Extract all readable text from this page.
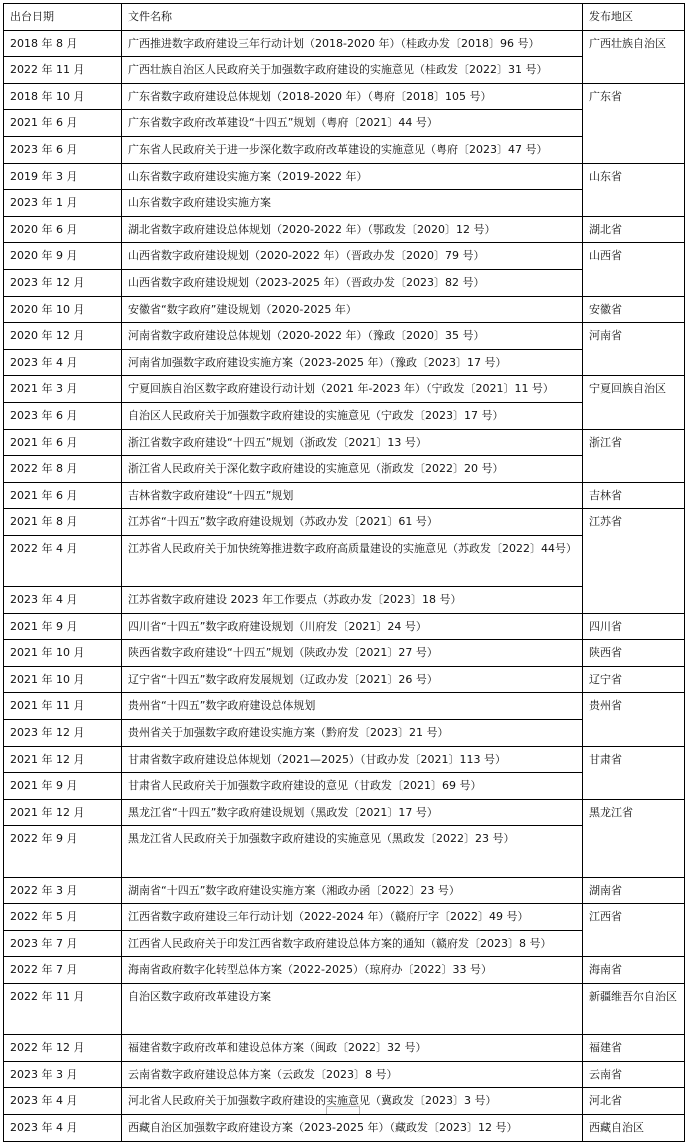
出台日期	文件名称	发布地区
2018 年 8 月	广西推进数字政府建设三年行动计划（2018-2020 年）（桂政办发〔2018〕96 号）	广西壮族自治区
2022 年 11 月	广西壮族自治区人民政府关于加强数字政府建设的实施意见（桂政发〔2022〕31 号）	
2018 年 10 月	广东省数字政府建设总体规划（2018-2020 年）（粤府〔2018〕105 号）	广东省
2021 年 6 月	广东省数字政府改革建设“十四五”规划（粤府〔2021〕44 号）	
2023 年 6 月	广东省人民政府关于进一步深化数字政府改革建设的实施意见（粤府〔2023〕47 号）	
2019 年 3 月	山东省数字政府建设实施方案（2019-2022 年）	山东省
2023 年 1 月	山东省数字政府建设实施方案	
2020 年 6 月	湖北省数字政府建设总体规划（2020-2022 年）（鄂政发〔2020〕12 号）	湖北省
2020 年 9 月	山西省数字政府建设规划（2020-2022 年）（晋政办发〔2020〕79 号）	山西省
2023 年 12 月	山西省数字政府建设规划（2023-2025 年）（晋政办发〔2023〕82 号）	
2020 年 10 月	安徽省“数字政府”建设规划（2020-2025 年）	安徽省
2020 年 12 月	河南省数字政府建设总体规划（2020-2022 年）（豫政〔2020〕35 号）	河南省
2023 年 4 月	河南省加强数字政府建设实施方案（2023-2025 年）（豫政〔2023〕17 号）	
2021 年 3 月	宁夏回族自治区数字政府建设行动计划（2021 年-2023 年）（宁政发〔2021〕11 号）	宁夏回族自治区
2023 年 6 月	自治区人民政府关于加强数字政府建设的实施意见（宁政发〔2023〕17 号）	
2021 年 6 月	浙江省数字政府建设“十四五”规划（浙政发〔2021〕13 号）	浙江省
2022 年 8 月	浙江省人民政府关于深化数字政府建设的实施意见（浙政发〔2022〕20 号）	
2021 年 6 月	吉林省数字政府建设“十四五”规划	吉林省
2021 年 8 月	江苏省“十四五”数字政府建设规划（苏政办发〔2021〕61 号）	江苏省
2022 年 4 月	江苏省人民政府关于加快统筹推进数字政府高质量建设的实施意见（苏政发〔2022〕44号）	
2023 年 4 月	江苏省数字政府建设 2023 年工作要点（苏政办发〔2023〕18 号）	
2021 年 9 月	四川省“十四五”数字政府建设规划（川府发〔2021〕24 号）	四川省
2021 年 10 月	陕西省数字政府建设“十四五”规划（陕政办发〔2021〕27 号）	陕西省
2021 年 10 月	辽宁省“十四五”数字政府发展规划（辽政办发〔2021〕26 号）	辽宁省
2021 年 11 月	贵州省“十四五”数字政府建设总体规划	贵州省
2023 年 12 月	贵州省关于加强数字政府建设实施方案（黔府发〔2023〕21 号）	
2021 年 12 月	甘肃省数字政府建设总体规划（2021—2025）（甘政办发〔2021〕113 号）	甘肃省
2021 年 9 月	甘肃省人民政府关于加强数字政府建设的意见（甘政发〔2021〕69 号）	
2021 年 12 月	黑龙江省“十四五”数字政府建设规划（黑政发〔2021〕17 号）	黑龙江省
2022 年 9 月	黑龙江省人民政府关于加强数字政府建设的实施意见（黑政发〔2022〕23 号）	
2022 年 3 月	湖南省“十四五”数字政府建设实施方案（湘政办函〔2022〕23 号）	湖南省
2022 年 5 月	江西省数字政府建设三年行动计划（2022-2024 年）（赣府厅字〔2022〕49 号）	江西省
2023 年 7 月	江西省人民政府关于印发江西省数字政府建设总体方案的通知（赣府发〔2023〕8 号）	
2022 年 7 月	海南省政府数字化转型总体方案（2022-2025）（琼府办〔2022〕33 号）	海南省
2022 年 11 月	自治区数字政府改革建设方案	新疆维吾尔自治区
2022 年 12 月	福建省数字政府改革和建设总体方案（闽政〔2022〕32 号）	福建省
2023 年 3 月	云南省数字政府建设总体方案（云政发〔2023〕8 号）	云南省
2023 年 4 月	河北省人民政府关于加强数字政府建设的实施意见（冀政发〔2023〕3 号）	河北省
2023 年 4 月	西藏自治区加强数字政府建设方案（2023-2025 年）（藏政发〔2023〕12 号）	西藏自治区
